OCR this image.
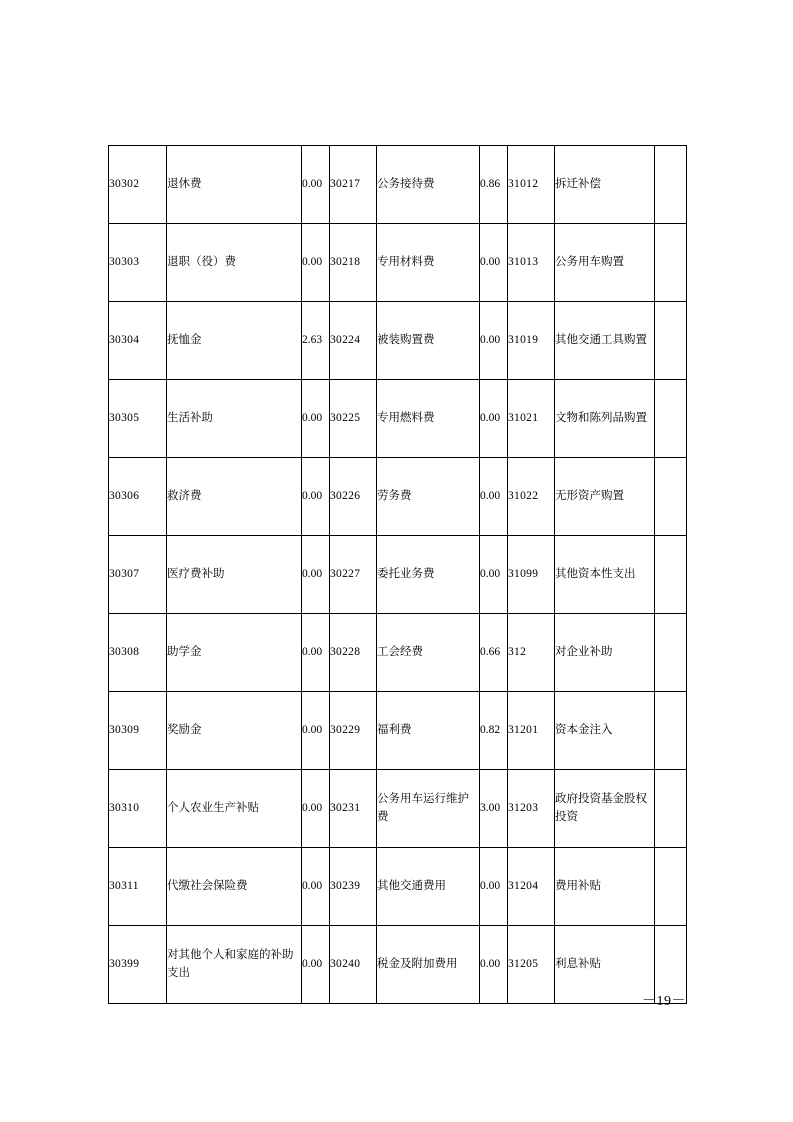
30302	退休费	0.00	30217	公务接待费	0.86	31012	拆迁补偿	
30303	退职（役）费	0.00	30218	专用材料费	0.00	31013	公务用车购置	
30304	抚恤金	2.63	30224	被装购置费	0.00	31019	其他交通工具购置	
30305	生活补助	0.00	30225	专用燃料费	0.00	31021	文物和陈列品购置	
30306	救济费	0.00	30226	劳务费	0.00	31022	无形资产购置	
30307	医疗费补助	0.00	30227	委托业务费	0.00	31099	其他资本性支出	
30308	助学金	0.00	30228	工会经费	0.66	312	对企业补助	
30309	奖励金	0.00	30229	福利费	0.82	31201	资本金注入	
30310	个人农业生产补贴	0.00	30231	公务用车运行维护费	3.00	31203	政府投资基金股权投资	
30311	代缴社会保险费	0.00	30239	其他交通费用	0.00	31204	费用补贴	
30399	对其他个人和家庭的补助支出	0.00	30240	税金及附加费用	0.00	31205	利息补贴	
－19－
